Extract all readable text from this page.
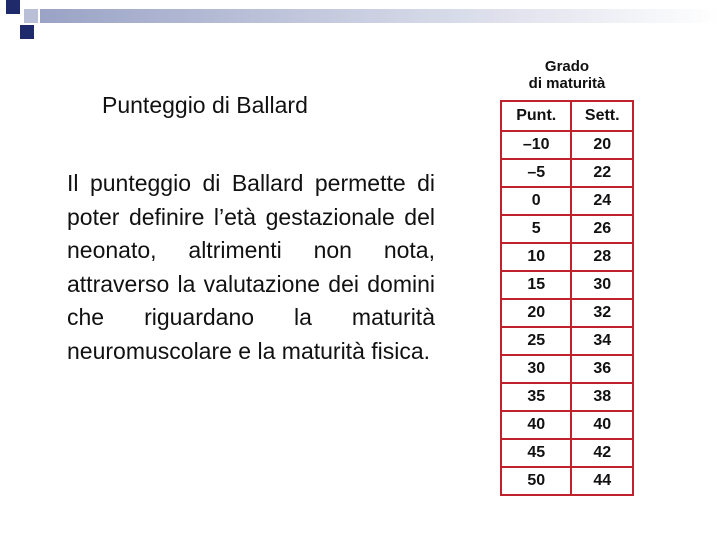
Punteggio di Ballard

Il punteggio di Ballard permette di poter definire l’età gestazionale del neonato, altrimenti non nota, attraverso la valutazione dei domini che riguardano la maturità neuromuscolare e la maturità fisica.

Grado
di maturità
Punt.	Sett.
–10	20
–5	22
0	24
5	26
10	28
15	30
20	32
25	34
30	36
35	38
40	40
45	42
50	44
